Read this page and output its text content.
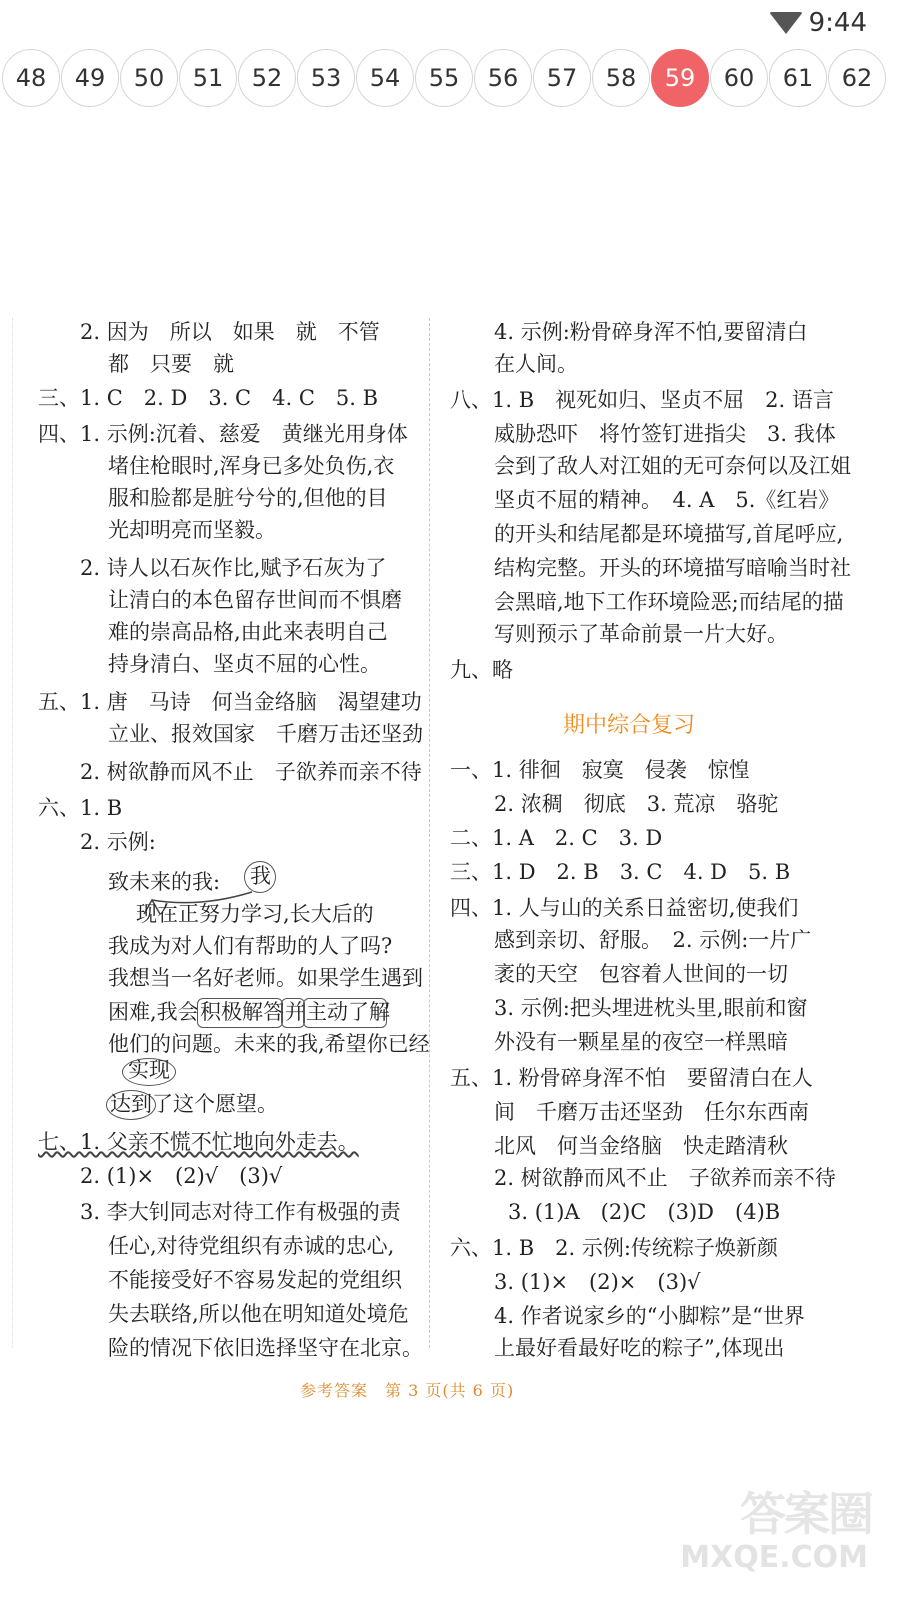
9:44
48	49	50	51	52	53	54	55	56	57	58	59	60	61	62
2. 因为　所以　如果　就　不管
都　只要　就
三、1. C　2. D　3. C　4. C　5. B
四、1. 示例:沉着、慈爱　黄继光用身体
堵住枪眼时,浑身已多处负伤,衣
服和脸都是脏兮兮的,但他的目
光却明亮而坚毅。
2. 诗人以石灰作比,赋予石灰为了
让清白的本色留存世间而不惧磨
难的崇高品格,由此来表明自己
持身清白、坚贞不屈的心性。
五、1. 唐　马诗　何当金络脑　渴望建功
立业、报效国家　千磨万击还坚劲
2. 树欲静而风不止　子欲养而亲不待
六、1. B
2. 示例:
致未来的我: 我
现在正努力学习,长大后的
我成为对人们有帮助的人了吗?
我想当一名好老师。如果学生遇到
困难,我会 积极解答 并 主动了解
他们的问题。未来的我,希望你已经
实现
达到 了这个愿望。
七、1. 父亲不慌不忙地向外走去。
2. (1)×　(2)√　(3)√
3. 李大钊同志对待工作有极强的责
任心,对待党组织有赤诚的忠心,
不能接受好不容易发起的党组织
失去联络,所以他在明知道处境危
险的情况下依旧选择坚守在北京。
4. 示例:粉骨碎身浑不怕,要留清白
在人间。
八、1. B　视死如归、坚贞不屈　2. 语言
威胁恐吓　将竹签钉进指尖　3. 我体
会到了敌人对江姐的无可奈何以及江姐
坚贞不屈的精神。　4. A　5.《红岩》
的开头和结尾都是环境描写,首尾呼应,
结构完整。开头的环境描写暗喻当时社
会黑暗,地下工作环境险恶;而结尾的描
写则预示了革命前景一片大好。
九、略
期中综合复习
一、1. 徘徊　寂寞　侵袭　惊惶
2. 浓稠　彻底　3. 荒凉　骆驼
二、1. A　2. C　3. D
三、1. D　2. B　3. C　4. D　5. B
四、1. 人与山的关系日益密切,使我们
感到亲切、舒服。　2. 示例:一片广
袤的天空　包容着人世间的一切
3. 示例:把头埋进枕头里,眼前和窗
外没有一颗星星的夜空一样黑暗
五、1. 粉骨碎身浑不怕　要留清白在人
间　千磨万击还坚劲　任尔东西南
北风　何当金络脑　快走踏清秋
2. 树欲静而风不止　子欲养而亲不待
3. (1)A　(2)C　(3)D　(4)B
六、1. B　2. 示例:传统粽子焕新颜
3. (1)×　(2)×　(3)√
4. 作者说家乡的“小脚粽”是“世界
上最好看最好吃的粽子”,体现出
参考答案　第 3 页(共 6 页)
答案圈
MXQE.COM
